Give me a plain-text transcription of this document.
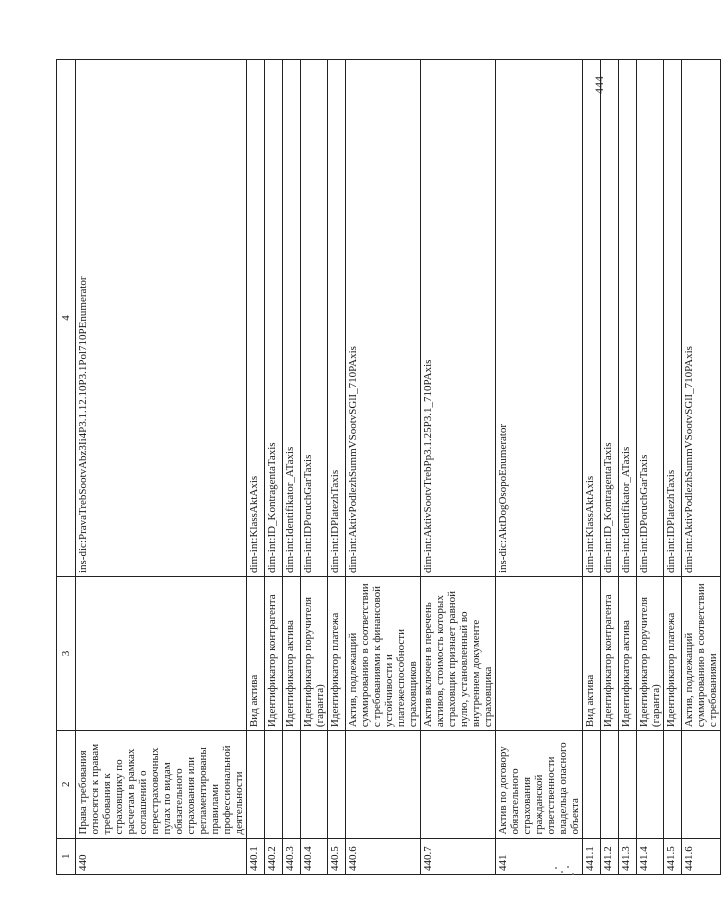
1	2	3	4
440	Права требования относятся к правам требования к страховщику по расчетам в рамках соглашений о перестраховочных пулах по видам обязательного страхования или регламентированы правилами профессиональной деятельности		ins-dic:PravaTrebSootvAbz3Ii4P3.1.12.10P3.1Pol710PEnumerator
440.1		Вид актива	dim-int:KlassAktAxis
440.2		Идентификатор контрагента	dim-int:ID_KontragentaTaxis
440.3		Идентификатор актива	dim-int:Identifikator_ATaxis
440.4		Идентификатор поручителя (гаранта)	dim-int:IDPoruchGarTaxis
440.5		Идентификатор платежа	dim-int:IDPlatezhTaxis
440.6		Актив, подлежащий суммированию в соответствии с требованиями к финансовой устойчивости и платежеспособности страховщиков	dim-int:AktivPodlezhSummVSootvSGlI_710PAxis
440.7		Актив включен в перечень активов, стоимость которых страховщик признает равной нулю, установленный во внутреннем документе страховщика	dim-int:AktivSootvTrebPp3.1.25P3.1_710PAxis
441	Актив по договору обязательного страхования гражданской ответственности владельца опасного объекта		ins-dic:AktDogOsopoEnumerator
441.1		Вид актива	dim-int:KlassAktAxis
441.2		Идентификатор контрагента	dim-int:ID_KontragentaTaxis
441.3		Идентификатор актива	dim-int:Identifikator_ATaxis
441.4		Идентификатор поручителя (гаранта)	dim-int:IDPoruchGarTaxis
441.5		Идентификатор платежа	dim-int:IDPlatezhTaxis
441.6		Актив, подлежащий суммированию в соответствии с требованиями	dim-int:AktivPodlezhSummVSootvSGlI_710PAxis
444
